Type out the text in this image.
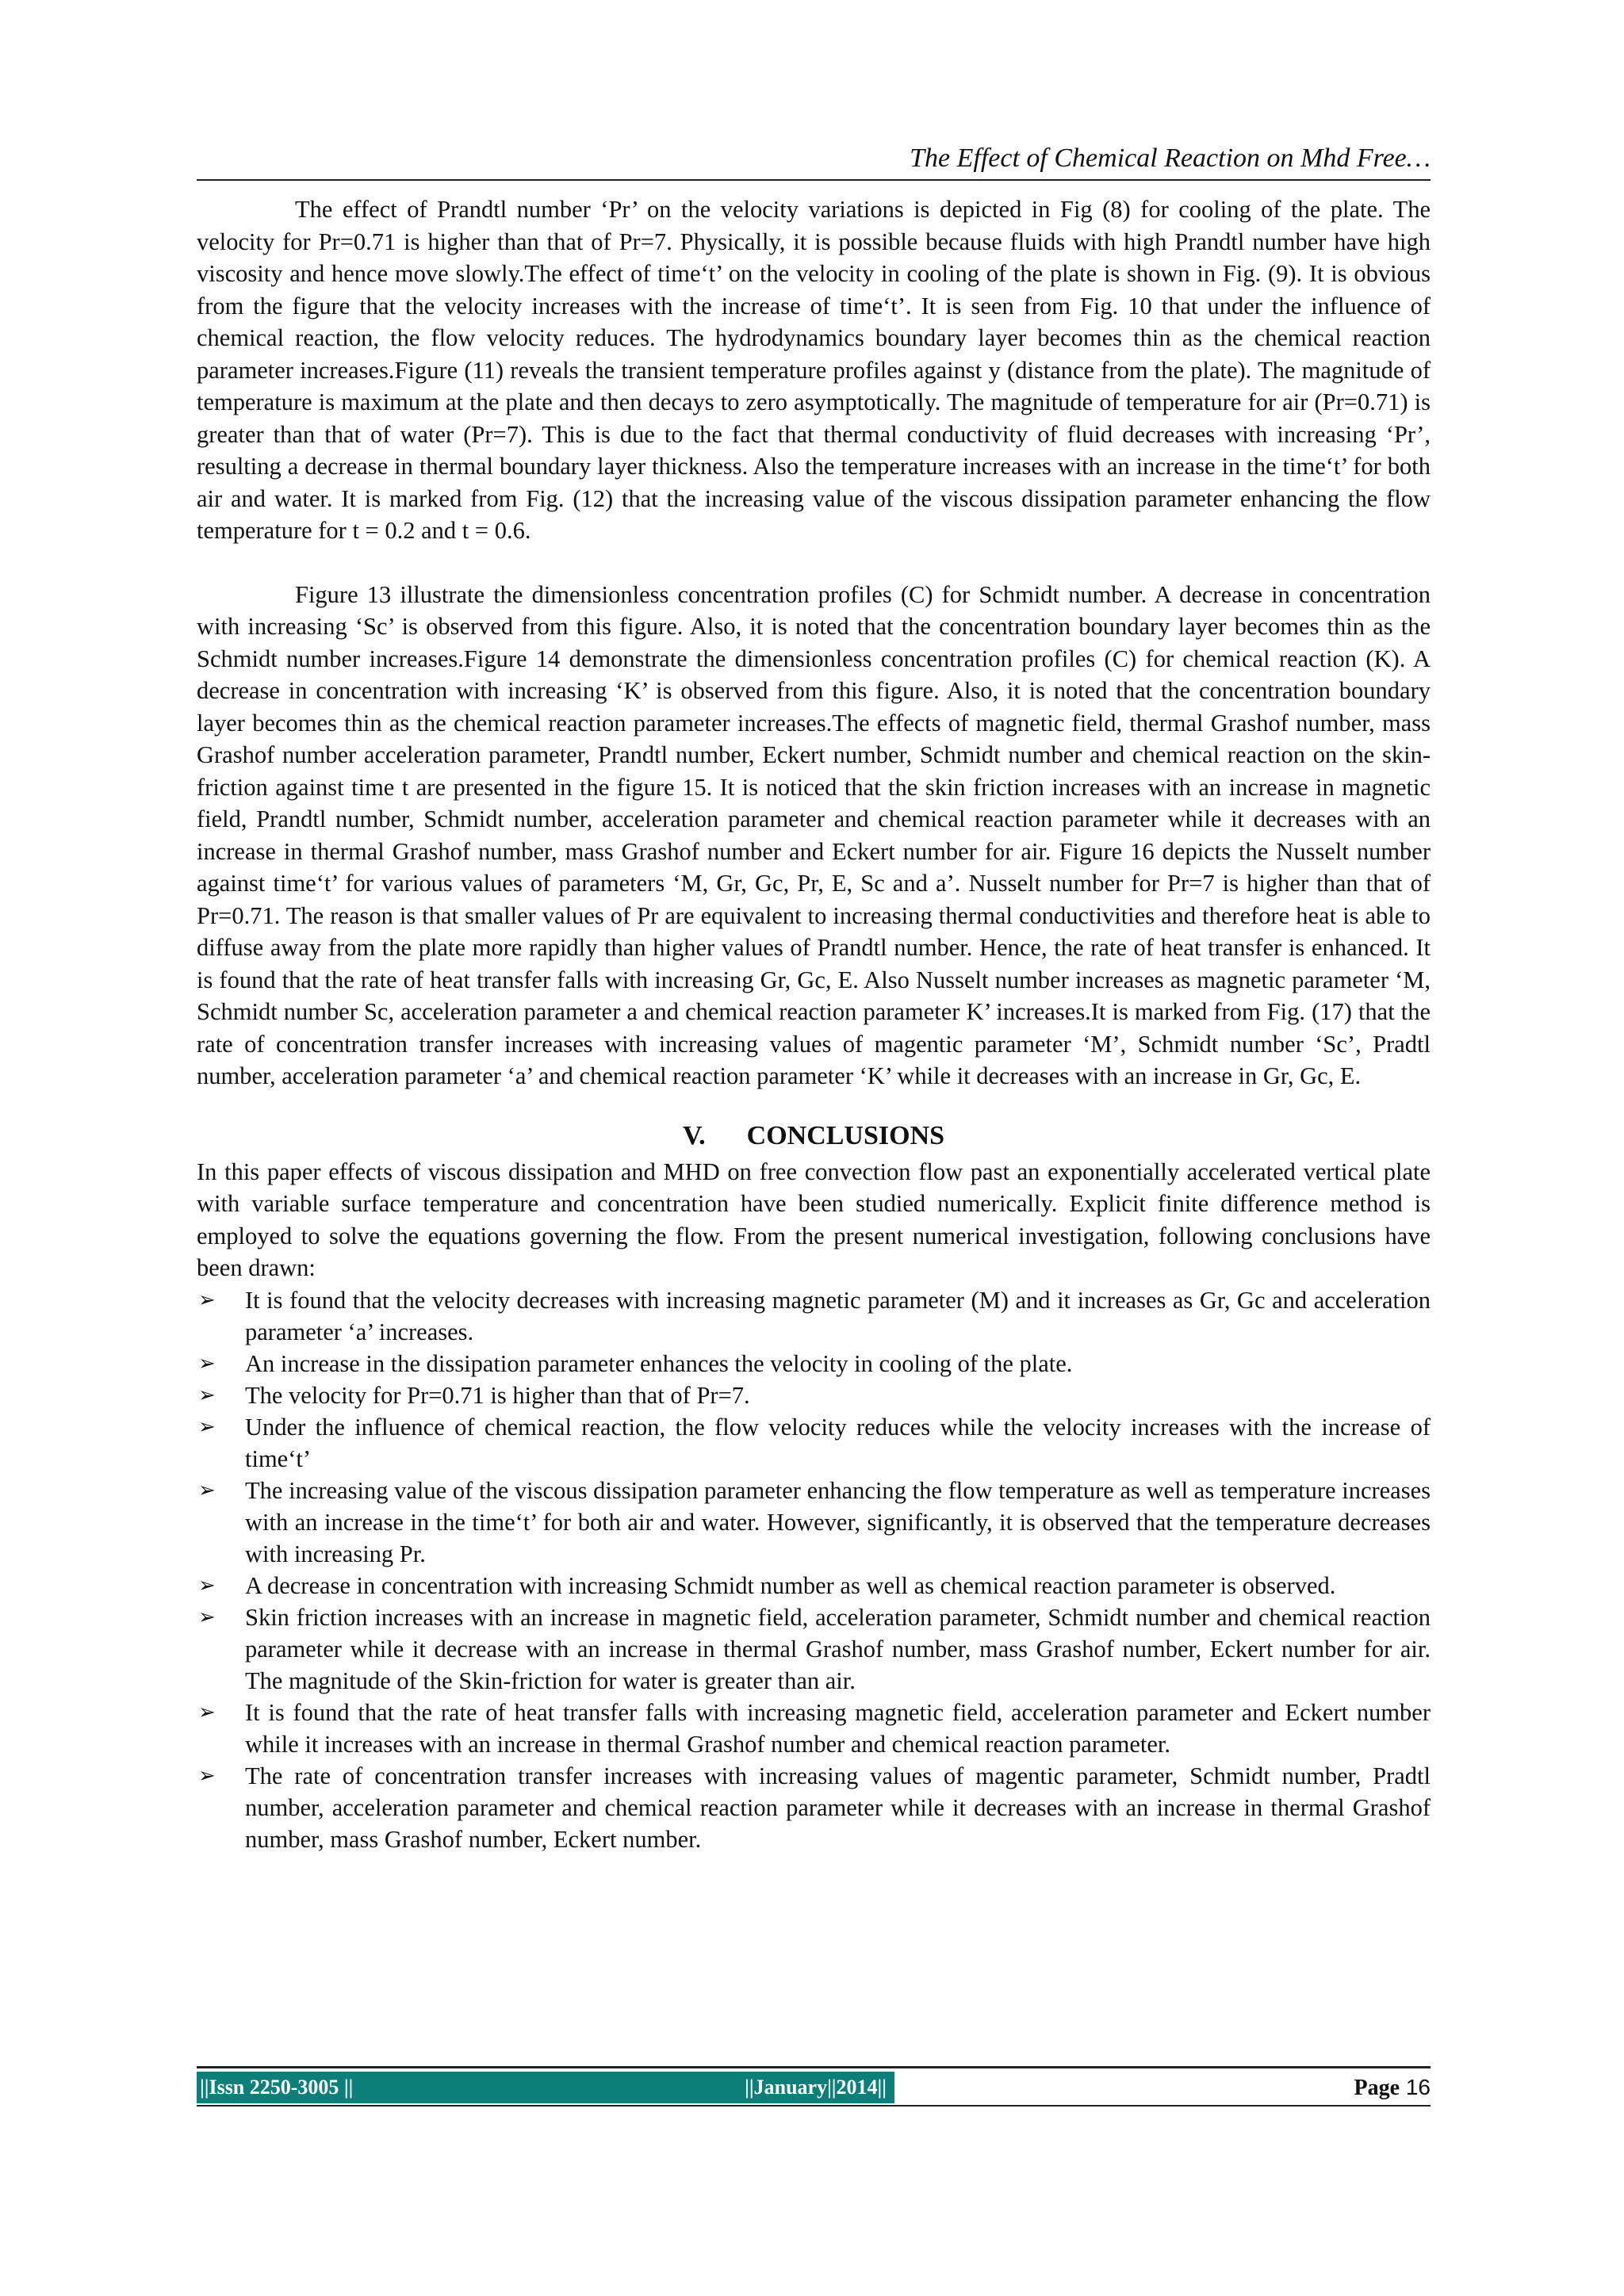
The Effect of Chemical Reaction on Mhd Free…

The effect of Prandtl number ‘Pr’ on the velocity variations is depicted in Fig (8) for cooling of the plate. The velocity for Pr=0.71 is higher than that of Pr=7. Physically, it is possible because fluids with high Prandtl number have high viscosity and hence move slowly.The effect of time‘t’ on the velocity in cooling of the plate is shown in Fig. (9). It is obvious from the figure that the velocity increases with the increase of time‘t’. It is seen from Fig. 10 that under the influence of chemical reaction, the flow velocity reduces. The hydrodynamics boundary layer becomes thin as the chemical reaction parameter increases.Figure (11) reveals the transient temperature profiles against y (distance from the plate). The magnitude of temperature is maximum at the plate and then decays to zero asymptotically. The magnitude of temperature for air (Pr=0.71) is greater than that of water (Pr=7). This is due to the fact that thermal conductivity of fluid decreases with increasing ‘Pr’, resulting a decrease in thermal boundary layer thickness. Also the temperature increases with an increase in the time‘t’ for both air and water. It is marked from Fig. (12) that the increasing value of the viscous dissipation parameter enhancing the flow temperature for t = 0.2 and t = 0.6.

Figure 13 illustrate the dimensionless concentration profiles (C) for Schmidt number. A decrease in concentration with increasing ‘Sc’ is observed from this figure. Also, it is noted that the concentration boundary layer becomes thin as the Schmidt number increases.Figure 14 demonstrate the dimensionless concentration profiles (C) for chemical reaction (K). A decrease in concentration with increasing ‘K’ is observed from this figure. Also, it is noted that the concentration boundary layer becomes thin as the chemical reaction parameter increases.The effects of magnetic field, thermal Grashof number, mass Grashof number acceleration parameter, Prandtl number, Eckert number, Schmidt number and chemical reaction on the skin-friction against time t are presented in the figure 15. It is noticed that the skin friction increases with an increase in magnetic field, Prandtl number, Schmidt number, acceleration parameter and chemical reaction parameter while it decreases with an increase in thermal Grashof number, mass Grashof number and Eckert number for air. Figure 16 depicts the Nusselt number against time‘t’ for various values of parameters ‘M, Gr, Gc, Pr, E, Sc and a’. Nusselt number for Pr=7 is higher than that of Pr=0.71. The reason is that smaller values of Pr are equivalent to increasing thermal conductivities and therefore heat is able to diffuse away from the plate more rapidly than higher values of Prandtl number. Hence, the rate of heat transfer is enhanced. It is found that the rate of heat transfer falls with increasing Gr, Gc, E. Also Nusselt number increases as magnetic parameter ‘M, Schmidt number Sc, acceleration parameter a and chemical reaction parameter K’ increases.It is marked from Fig. (17) that the rate of concentration transfer increases with increasing values of magentic parameter ‘M’, Schmidt number ‘Sc’, Pradtl number, acceleration parameter ‘a’ and chemical reaction parameter ‘K’ while it decreases with an increase in Gr, Gc, E.

V. CONCLUSIONS

In this paper effects of viscous dissipation and MHD on free convection flow past an exponentially accelerated vertical plate with variable surface temperature and concentration have been studied numerically. Explicit finite difference method is employed to solve the equations governing the flow. From the present numerical investigation, following conclusions have been drawn:

➢ It is found that the velocity decreases with increasing magnetic parameter (M) and it increases as Gr, Gc and acceleration parameter ‘a’ increases.
➢ An increase in the dissipation parameter enhances the velocity in cooling of the plate.
➢ The velocity for Pr=0.71 is higher than that of Pr=7.
➢ Under the influence of chemical reaction, the flow velocity reduces while the velocity increases with the increase of time‘t’
➢ The increasing value of the viscous dissipation parameter enhancing the flow temperature as well as temperature increases with an increase in the time‘t’ for both air and water. However, significantly, it is observed that the temperature decreases with increasing Pr.
➢ A decrease in concentration with increasing Schmidt number as well as chemical reaction parameter is observed.
➢ Skin friction increases with an increase in magnetic field, acceleration parameter, Schmidt number and chemical reaction parameter while it decrease with an increase in thermal Grashof number, mass Grashof number, Eckert number for air. The magnitude of the Skin-friction for water is greater than air.
➢ It is found that the rate of heat transfer falls with increasing magnetic field, acceleration parameter and Eckert number while it increases with an increase in thermal Grashof number and chemical reaction parameter.
➢ The rate of concentration transfer increases with increasing values of magentic parameter, Schmidt number, Pradtl number, acceleration parameter and chemical reaction parameter while it decreases with an increase in thermal Grashof number, mass Grashof number, Eckert number.
||Issn 2250-3005 ||	||January||2014||	Page 16
